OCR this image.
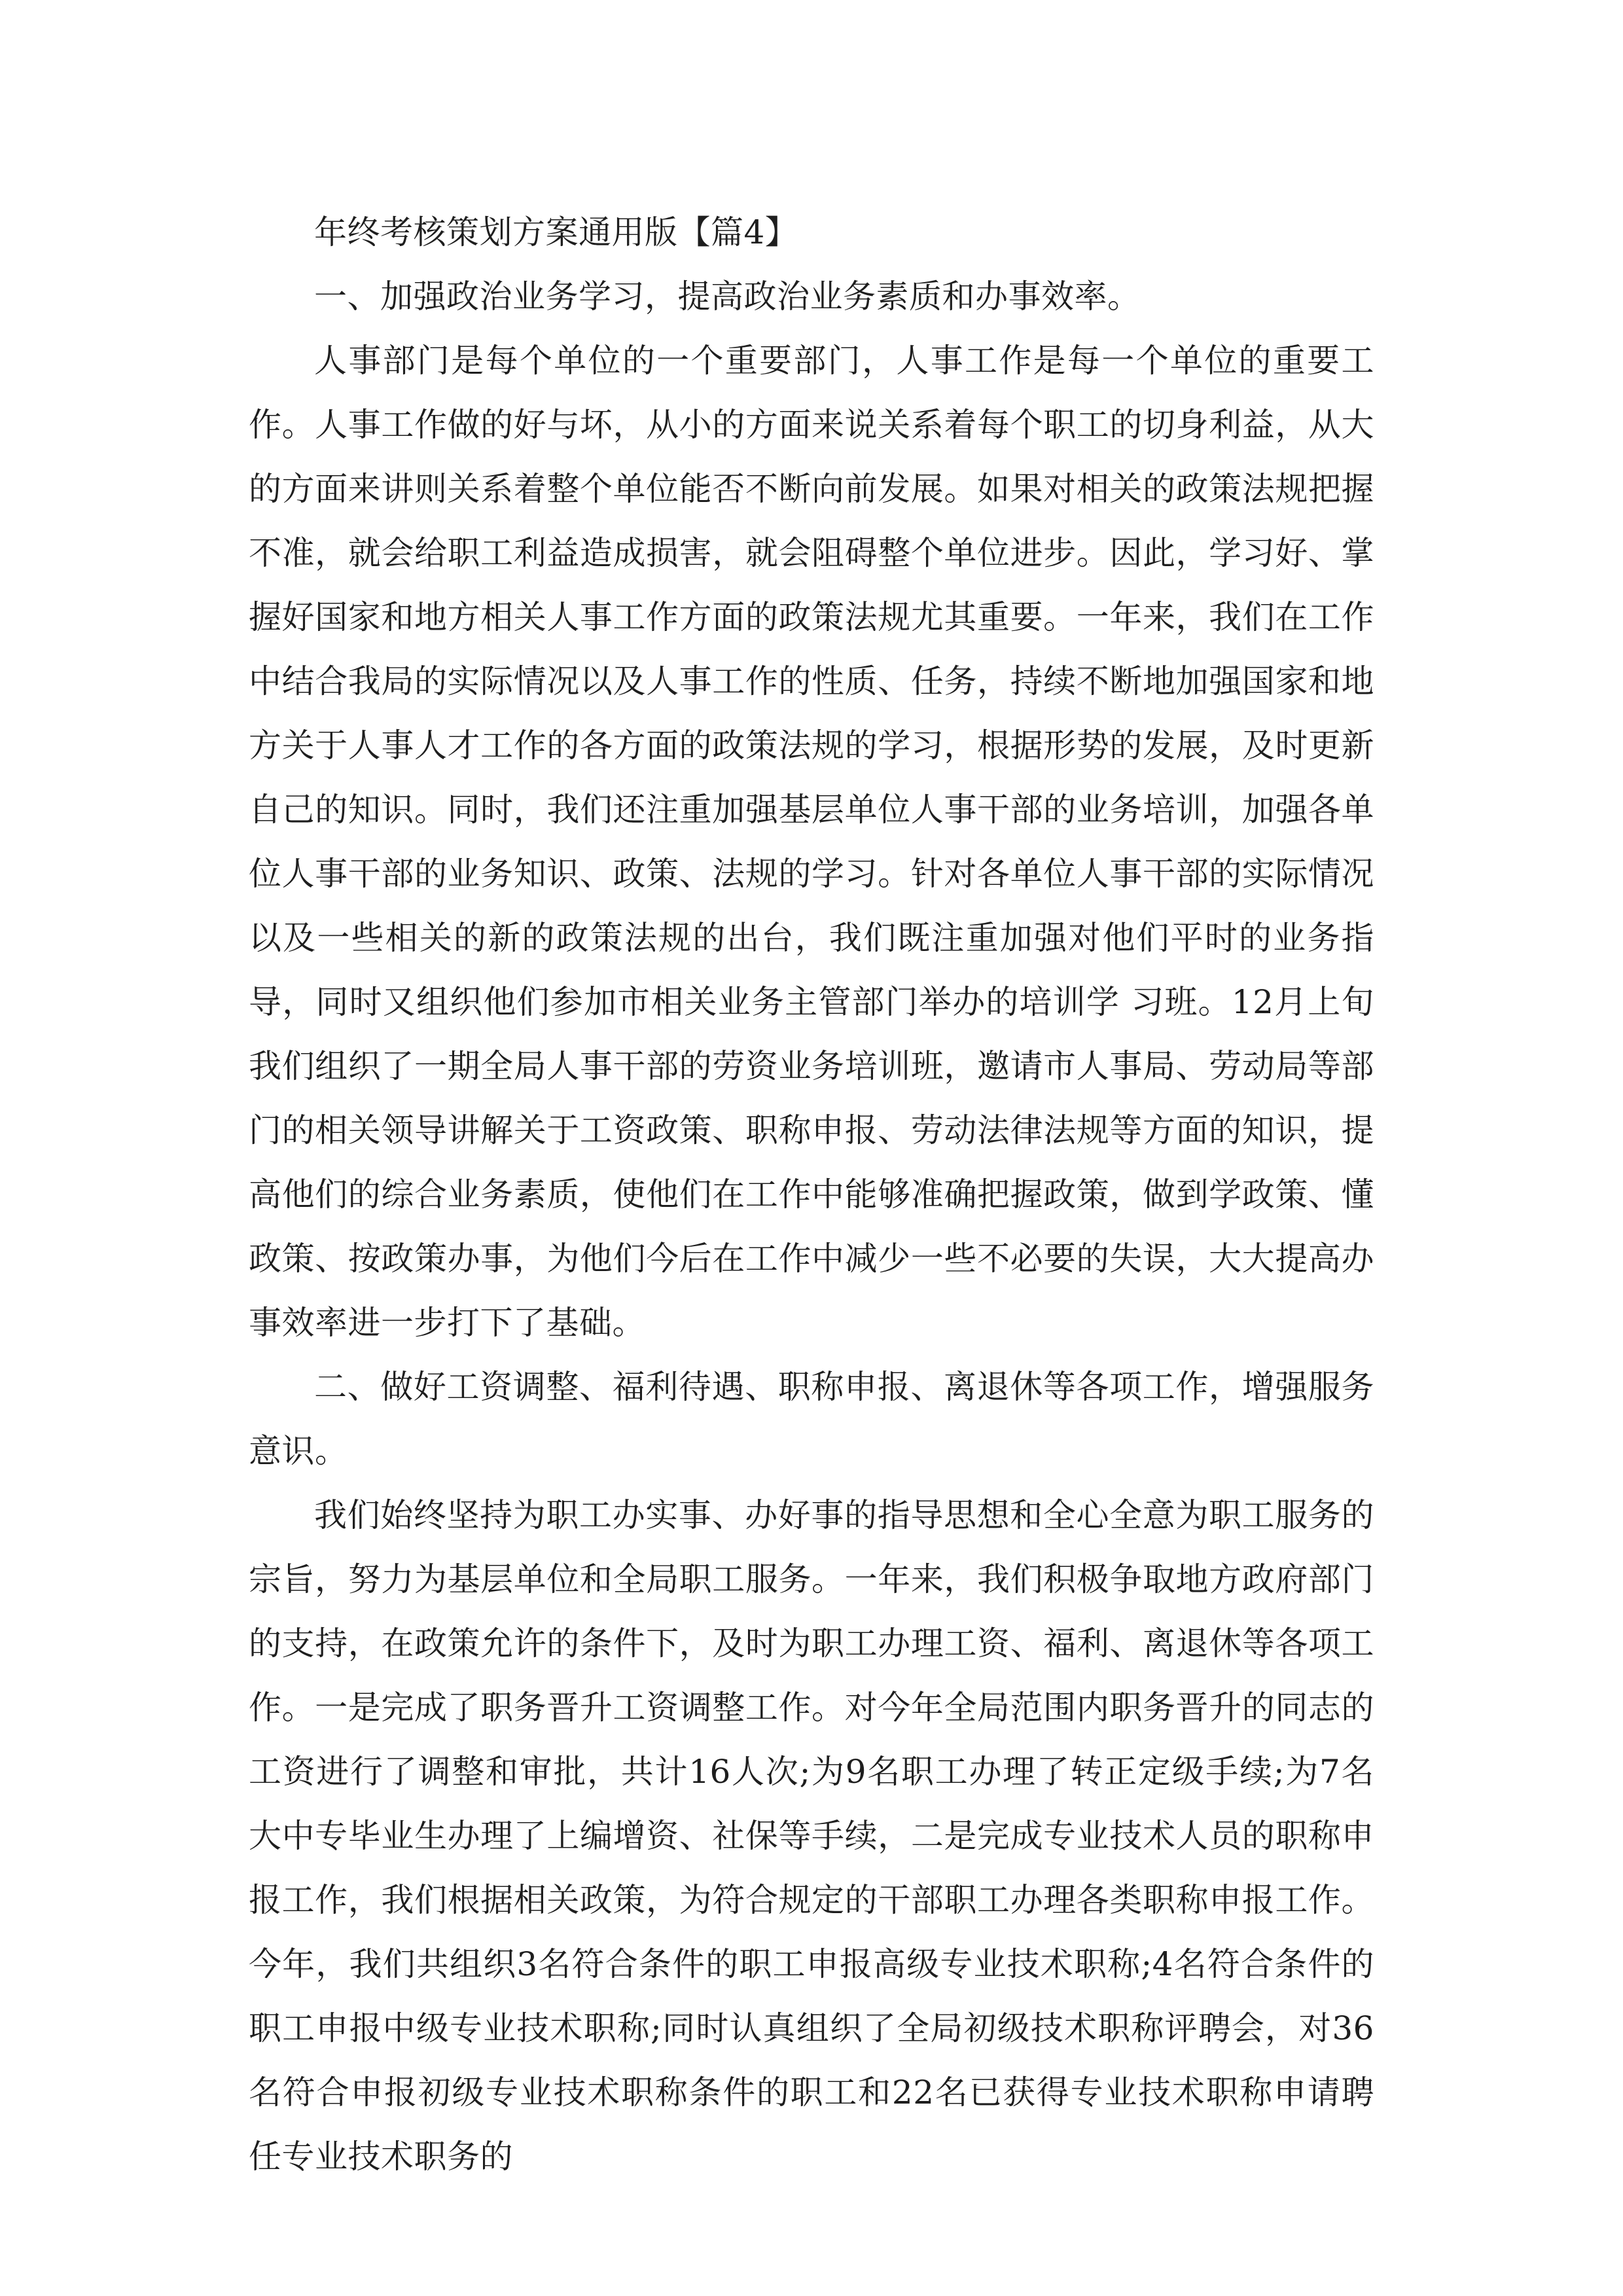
年终考核策划方案通用版【篇4】

一、加强政治业务学习，提高政治业务素质和办事效率。

人事部门是每个单位的一个重要部门，人事工作是每一个单位的重要工作。人事工作做的好与坏，从小的方面来说关系着每个职工的切身利益，从大的方面来讲则关系着整个单位能否不断向前发展。如果对相关的政策法规把握不准，就会给职工利益造成损害，就会阻碍整个单位进步。因此，学习好、掌握好国家和地方相关人事工作方面的政策法规尤其重要。一年来，我们在工作中结合我局的实际情况以及人事工作的性质、任务，持续不断地加强国家和地方关于人事人才工作的各方面的政策法规的学习，根据形势的发展，及时更新自己的知识。同时，我们还注重加强基层单位人事干部的业务培训，加强各单位人事干部的业务知识、政策、法规的学习。针对各单位人事干部的实际情况以及一些相关的新的政策法规的出台，我们既注重加强对他们平时的业务指导，同时又组织他们参加市相关业务主管部门举办的培训学 习班。12月上旬我们组织了一期全局人事干部的劳资业务培训班，邀请市人事局、劳动局等部门的相关领导讲解关于工资政策、职称申报、劳动法律法规等方面的知识，提高他们的综合业务素质，使他们在工作中能够准确把握政策，做到学政策、懂政策、按政策办事，为他们今后在工作中减少一些不必要的失误，大大提高办事效率进一步打下了基础。

二、做好工资调整、福利待遇、职称申报、离退休等各项工作，增强服务意识。

我们始终坚持为职工办实事、办好事的指导思想和全心全意为职工服务的宗旨，努力为基层单位和全局职工服务。一年来，我们积极争取地方政府部门的支持，在政策允许的条件下，及时为职工办理工资、福利、离退休等各项工作。一是完成了职务晋升工资调整工作。对今年全局范围内职务晋升的同志的工资进行了调整和审批，共计16人次;为9名职工办理了转正定级手续;为7名大中专毕业生办理了上编增资、社保等手续，二是完成专业技术人员的职称申报工作，我们根据相关政策，为符合规定的干部职工办理各类职称申报工作。今年，我们共组织3名符合条件的职工申报高级专业技术职称;4名符合条件的职工申报中级专业技术职称;同时认真组织了全局初级技术职称评聘会，对36名符合申报初级专业技术职称条件的职工和22名已获得专业技术职称申请聘任专业技术职务的
